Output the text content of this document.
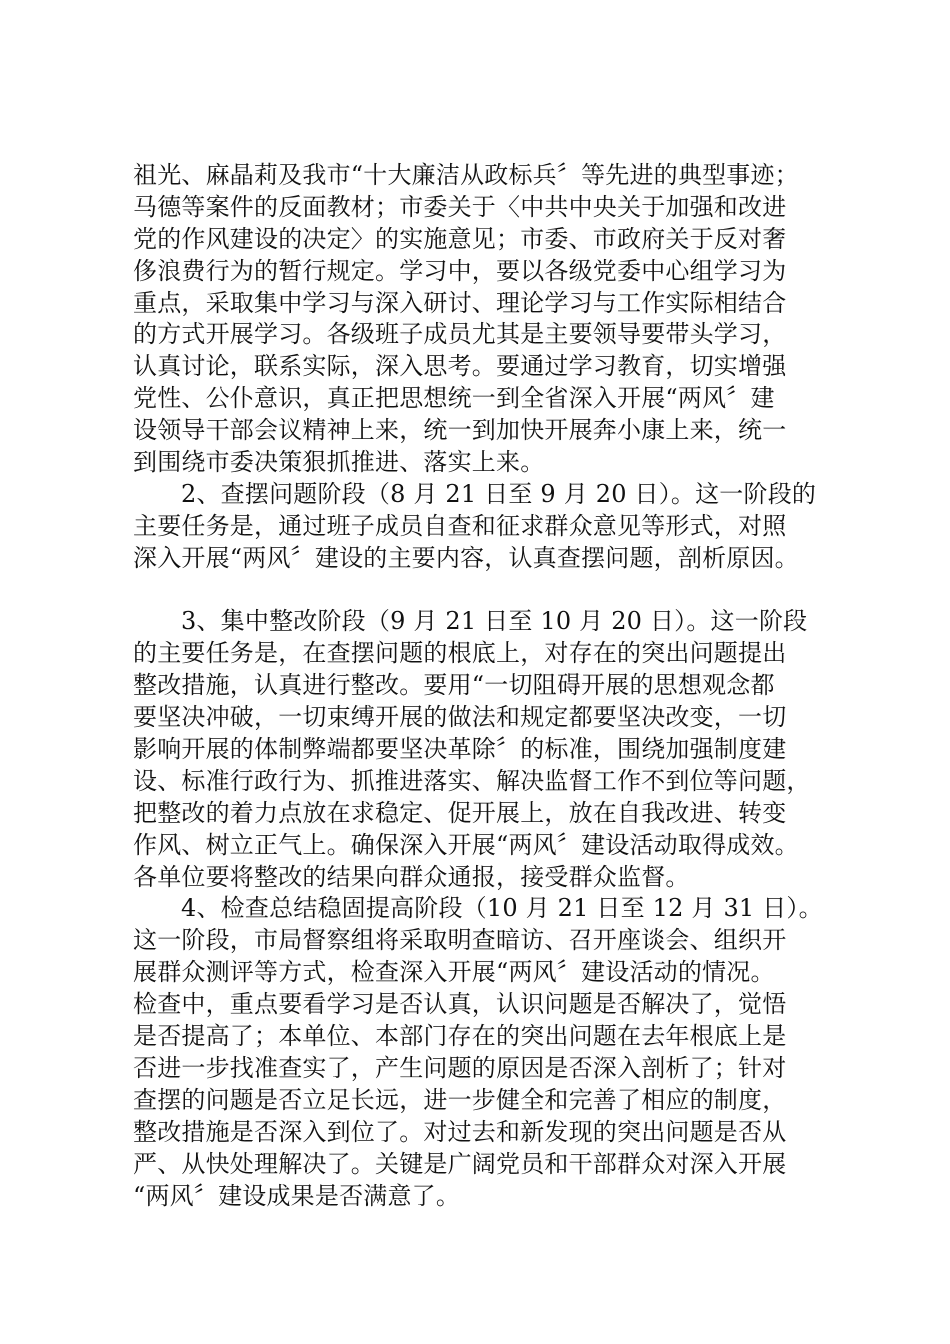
祖光、麻晶莉及我市“十大廉洁从政标兵〞等先进的典型事迹；
马德等案件的反面教材；市委关于〈中共中央关于加强和改进
党的作风建设的决定〉的实施意见；市委、市政府关于反对奢
侈浪费行为的暂行规定。学习中，要以各级党委中心组学习为
重点，采取集中学习与深入研讨、理论学习与工作实际相结合
的方式开展学习。各级班子成员尤其是主要领导要带头学习，
认真讨论，联系实际，深入思考。要通过学习教育，切实增强
党性、公仆意识，真正把思想统一到全省深入开展“两风〞建
设领导干部会议精神上来，统一到加快开展奔小康上来，统一
到围绕市委决策狠抓推进、落实上来。
2、查摆问题阶段（8 月 21 日至 9 月 20 日）。这一阶段的
主要任务是，通过班子成员自查和征求群众意见等形式，对照
深入开展“两风〞建设的主要内容，认真查摆问题，剖析原因。
3、集中整改阶段（9 月 21 日至 10 月 20 日）。这一阶段
的主要任务是，在查摆问题的根底上，对存在的突出问题提出
整改措施，认真进行整改。要用“一切阻碍开展的思想观念都
要坚决冲破，一切束缚开展的做法和规定都要坚决改变，一切
影响开展的体制弊端都要坚决革除〞的标准，围绕加强制度建
设、标准行政行为、抓推进落实、解决监督工作不到位等问题，
把整改的着力点放在求稳定、促开展上，放在自我改进、转变
作风、树立正气上。确保深入开展“两风〞建设活动取得成效。
各单位要将整改的结果向群众通报，接受群众监督。
4、检查总结稳固提高阶段（10 月 21 日至 12 月 31 日）。
这一阶段，市局督察组将采取明查暗访、召开座谈会、组织开
展群众测评等方式，检查深入开展“两风〞建设活动的情况。
检查中，重点要看学习是否认真，认识问题是否解决了，觉悟
是否提高了；本单位、本部门存在的突出问题在去年根底上是
否进一步找准查实了，产生问题的原因是否深入剖析了；针对
查摆的问题是否立足长远，进一步健全和完善了相应的制度，
整改措施是否深入到位了。对过去和新发现的突出问题是否从
严、从快处理解决了。关键是广阔党员和干部群众对深入开展
“两风〞建设成果是否满意了。
